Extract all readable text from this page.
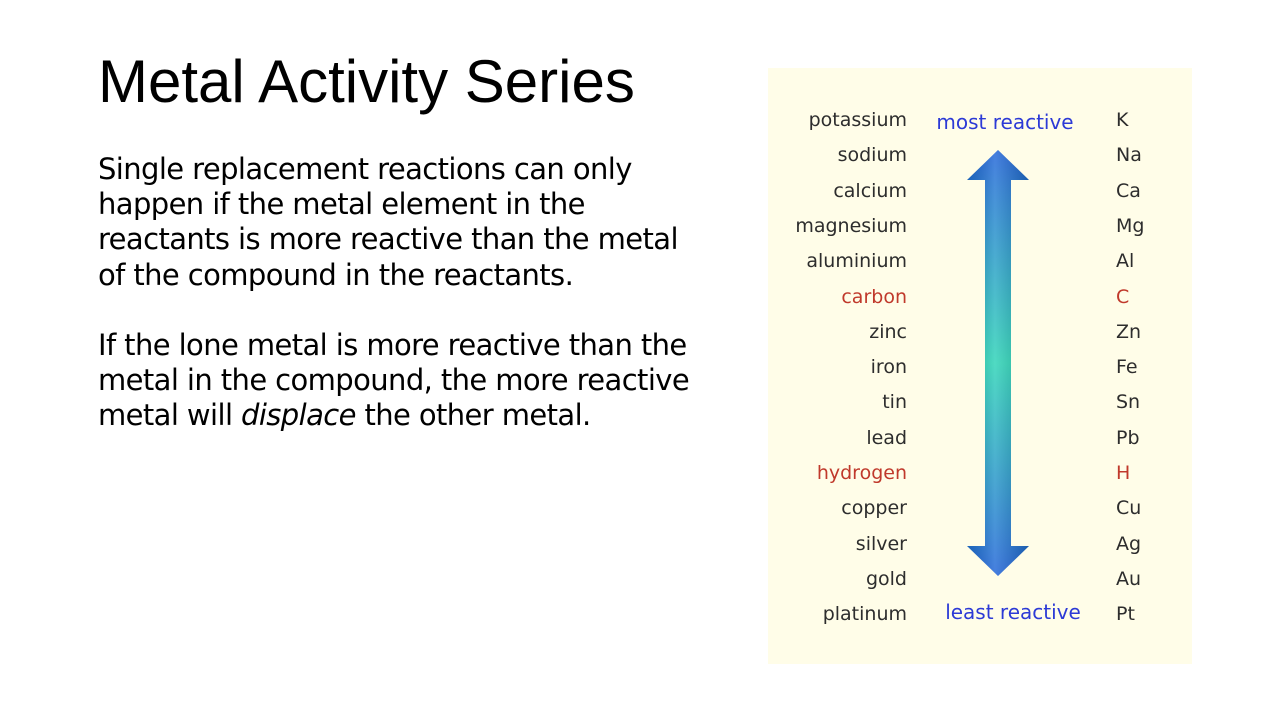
Metal Activity Series

Single replacement reactions can only happen if the metal element in the reactants is more reactive than the metal of the compound in the reactants.

If the lone metal is more reactive than the metal in the compound, the more reactive metal will displace the other metal.

most reactive
least reactive
potassium	K
sodium	Na
calcium	Ca
magnesium	Mg
aluminium	Al
carbon	C
zinc	Zn
iron	Fe
tin	Sn
lead	Pb
hydrogen	H
copper	Cu
silver	Ag
gold	Au
platinum	Pt
